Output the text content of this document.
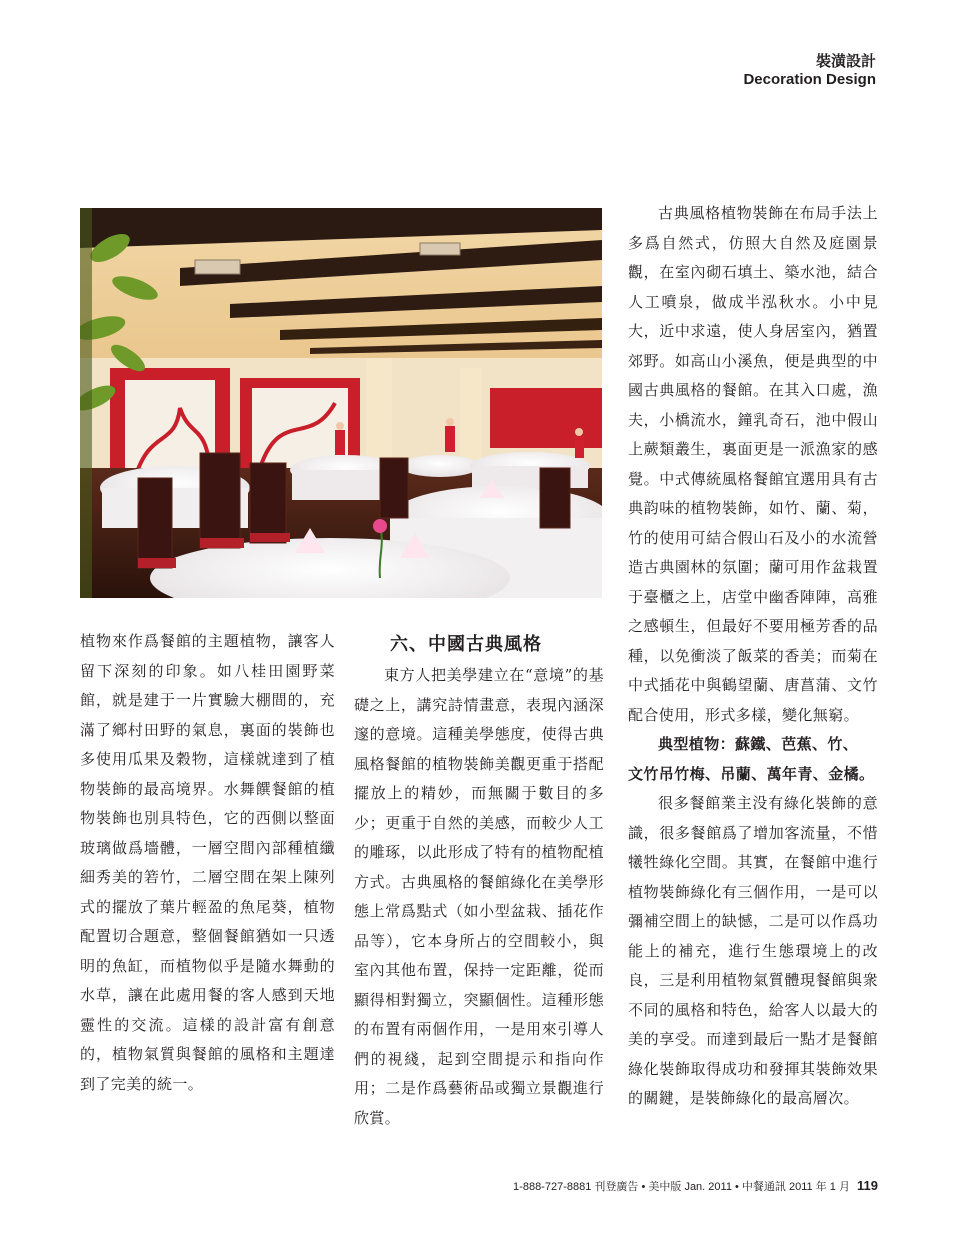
裝潢設計
Decoration Design

植物來作爲餐館的主題植物，讓客人留下深刻的印象。如八桂田園野菜館，就是建于一片實驗大棚間的，充滿了鄉村田野的氣息，裏面的裝飾也多使用瓜果及穀物，這樣就達到了植物裝飾的最高境界。水舞饌餐館的植物裝飾也別具特色，它的西側以整面玻璃做爲墻體，一層空間內部種植纖細秀美的箬竹，二層空間在架上陳列式的擺放了葉片輕盈的魚尾葵，植物配置切合題意，整個餐館猶如一只透明的魚缸，而植物似乎是隨水舞動的水草，讓在此處用餐的客人感到天地靈性的交流。這樣的設計富有創意的，植物氣質與餐館的風格和主題達到了完美的統一。

六、中國古典風格

東方人把美學建立在“意境”的基礎之上，講究詩情畫意，表現內涵深邃的意境。這種美學態度，使得古典風格餐館的植物裝飾美觀更重于搭配擺放上的精妙，而無關于數目的多少；更重于自然的美感，而較少人工的雕琢，以此形成了特有的植物配植方式。古典風格的餐館綠化在美學形態上常爲點式（如小型盆栽、插花作品等），它本身所占的空間較小，與室內其他布置，保持一定距離，從而顯得相對獨立，突顯個性。這種形態的布置有兩個作用，一是用來引導人們的視綫，起到空間提示和指向作用；二是作爲藝術品或獨立景觀進行欣賞。

古典風格植物裝飾在布局手法上多爲自然式，仿照大自然及庭園景觀，在室內砌石填土、築水池，結合人工噴泉，做成半泓秋水。小中見大，近中求遠，使人身居室內，猶置郊野。如高山小溪魚，便是典型的中國古典風格的餐館。在其入口處，漁夫，小橋流水，鐘乳奇石，池中假山上蕨類叢生，裏面更是一派漁家的感覺。中式傳統風格餐館宜選用具有古典韵味的植物裝飾，如竹、蘭、菊，竹的使用可結合假山石及小的水流營造古典園林的氛圍；蘭可用作盆栽置于臺櫃之上，店堂中幽香陣陣，高雅之感頓生，但最好不要用極芳香的品種，以免衝淡了飯菜的香美；而菊在中式插花中與鶴望蘭、唐菖蒲、文竹配合使用，形式多樣，變化無窮。

典型植物：蘇鐵、芭蕉、竹、

文竹吊竹梅、吊蘭、萬年青、金橘。

很多餐館業主没有綠化裝飾的意識，很多餐館爲了增加客流量，不惜犧牲綠化空間。其實，在餐館中進行植物裝飾綠化有三個作用，一是可以彌補空間上的缺憾，二是可以作爲功能上的補充，進行生態環境上的改良，三是利用植物氣質體現餐館與衆不同的風格和特色，給客人以最大的美的享受。而達到最后一點才是餐館綠化裝飾取得成功和發揮其裝飾效果的關鍵，是裝飾綠化的最高層次。

1-888-727-8881 刊登廣告 • 美中版 Jan. 2011 • 中餐通訊 2011 年 1 月 119
